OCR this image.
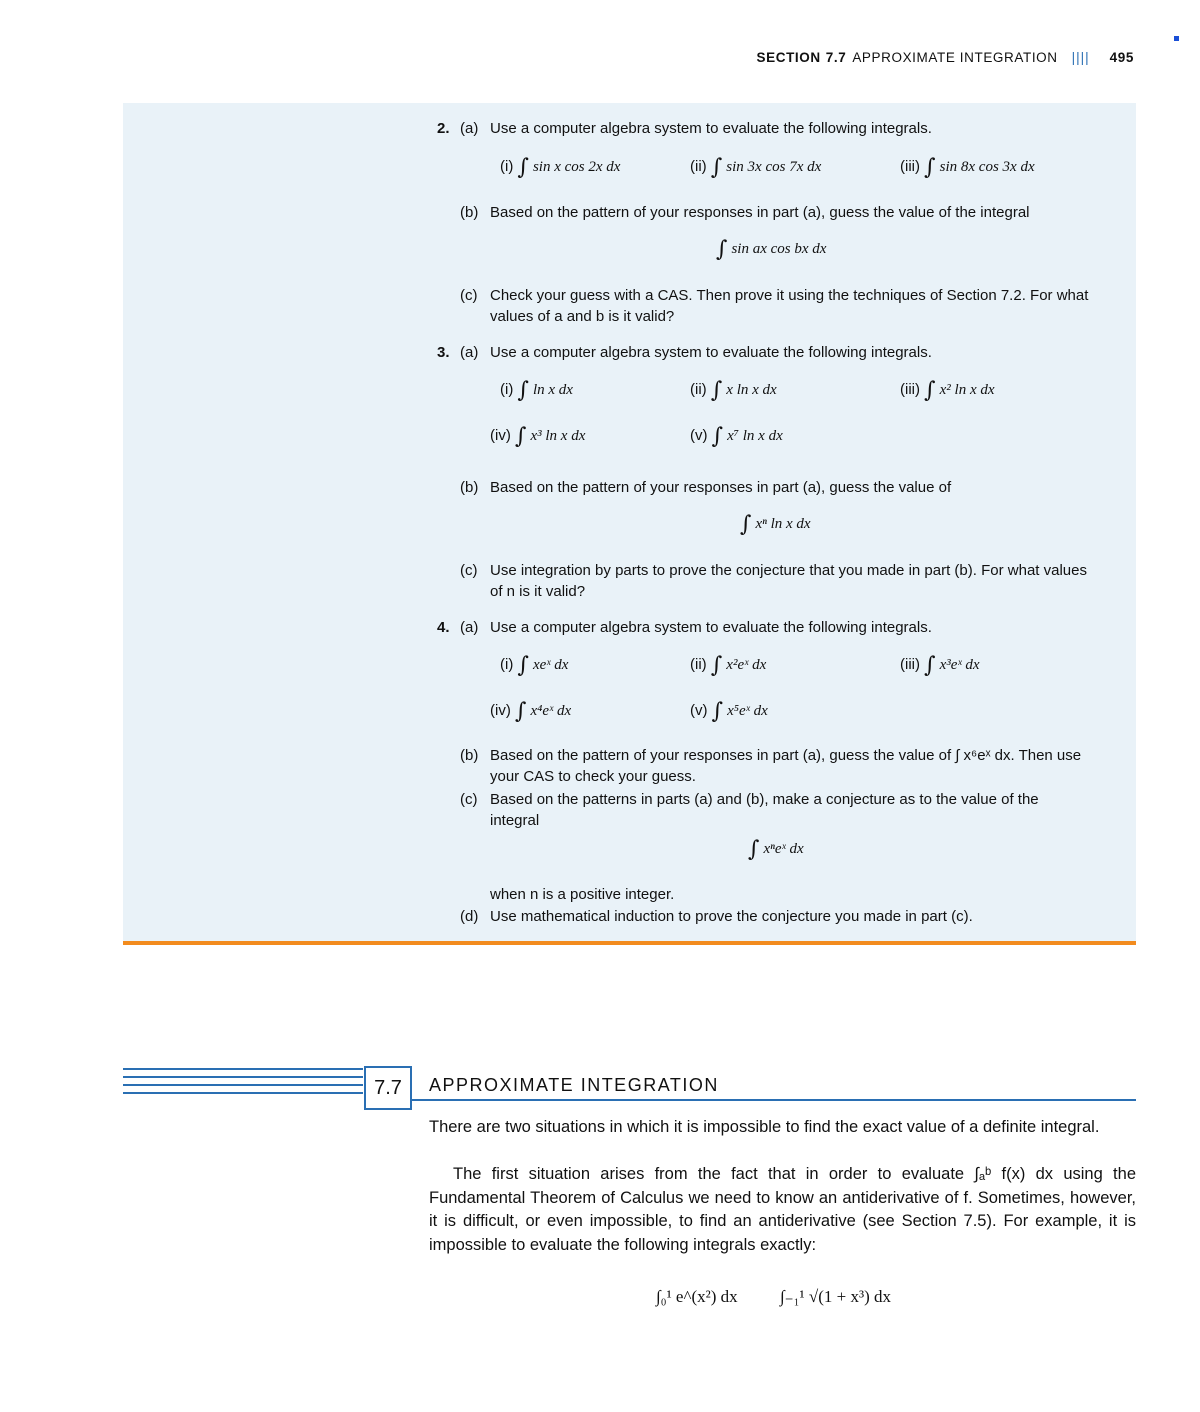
SECTION 7.7 APPROXIMATE INTEGRATION |||| 495
2. (a) Use a computer algebra system to evaluate the following integrals.
(i) ∫ sin x cos 2x dx	(ii) ∫ sin 3x cos 7x dx	(iii) ∫ sin 8x cos 3x dx
(b) Based on the pattern of your responses in part (a), guess the value of the integral
∫ sin ax cos bx dx
(c) Check your guess with a CAS. Then prove it using the techniques of Section 7.2. For what values of a and b is it valid?
3. (a) Use a computer algebra system to evaluate the following integrals.
(i) ∫ ln x dx	(ii) ∫ x ln x dx	(iii) ∫ x² ln x dx
(iv) ∫ x³ ln x dx	(v) ∫ x⁷ ln x dx
(b) Based on the pattern of your responses in part (a), guess the value of
∫ xⁿ ln x dx
(c) Use integration by parts to prove the conjecture that you made in part (b). For what values of n is it valid?
4. (a) Use a computer algebra system to evaluate the following integrals.
(i) ∫ xeˣ dx	(ii) ∫ x²eˣ dx	(iii) ∫ x³eˣ dx
(iv) ∫ x⁴eˣ dx	(v) ∫ x⁵eˣ dx
(b) Based on the pattern of your responses in part (a), guess the value of ∫ x⁶eˣ dx. Then use your CAS to check your guess.
(c) Based on the patterns in parts (a) and (b), make a conjecture as to the value of the integral
∫ xⁿeˣ dx
when n is a positive integer.
(d) Use mathematical induction to prove the conjecture you made in part (c).
7.7	APPROXIMATE INTEGRATION
There are two situations in which it is impossible to find the exact value of a definite integral.
The first situation arises from the fact that in order to evaluate ∫ₐᵇ f(x) dx using the Fundamental Theorem of Calculus we need to know an antiderivative of f. Sometimes, however, it is difficult, or even impossible, to find an antiderivative (see Section 7.5). For example, it is impossible to evaluate the following integrals exactly:
∫₀¹ e^(x²) dx ∫₋₁¹ √(1 + x³) dx
